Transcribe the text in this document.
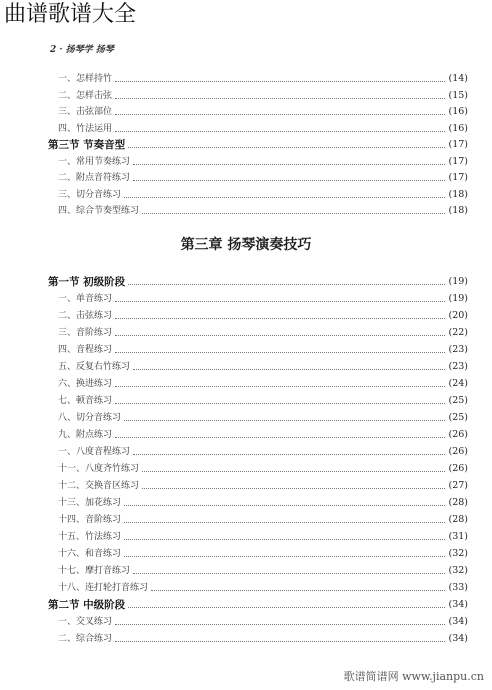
曲谱歌谱大全
2 · 扬琴学 扬琴
第三章 扬琴演奏技巧
一、怎样持竹	(14)
二、怎样击弦	(15)
三、击弦部位	(16)
四、竹法运用	(16)
第三节 节奏音型	(17)
一、常用节奏练习	(17)
二、附点音符练习	(17)
三、切分音练习	(18)
四、综合节奏型练习	(18)
第一节 初级阶段	(19)
一、单音练习	(19)
二、击弦练习	(20)
三、音阶练习	(22)
四、音程练习	(23)
五、反复右竹练习	(23)
六、换进练习	(24)
七、顿音练习	(25)
八、切分音练习	(25)
九、附点练习	(26)
一、八度音程练习	(26)
十一、八度齐竹练习	(26)
十二、交换音区练习	(27)
十三、加花练习	(28)
十四、音阶练习	(28)
十五、竹法练习	(31)
十六、和音练习	(32)
十七、摩打音练习	(32)
十八、连打轮打音练习	(33)
第二节 中级阶段	(34)
一、交叉练习	(34)
二、综合练习	(34)
歌谱简谱网 www.jianpu.cn
